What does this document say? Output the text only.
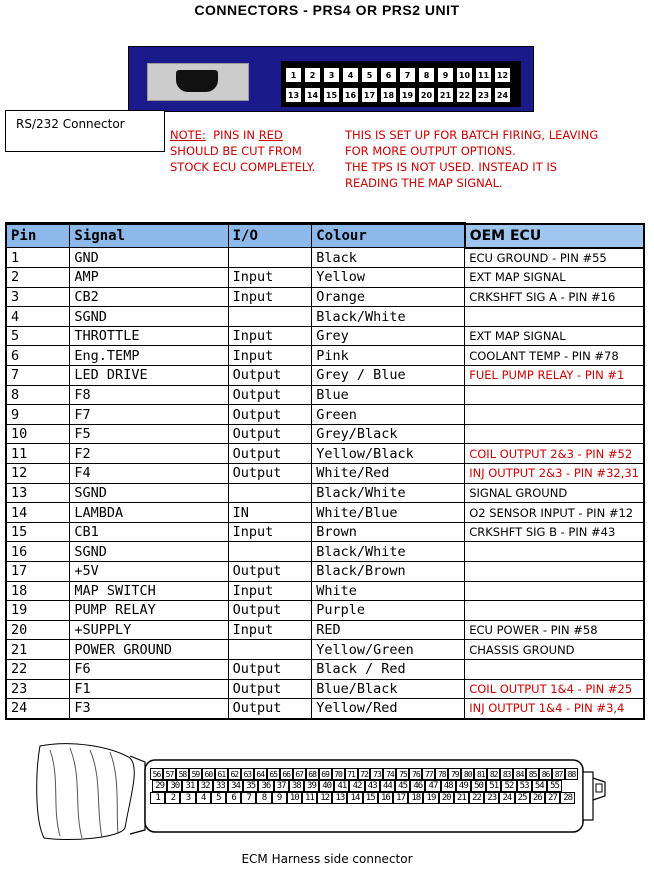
CONNECTORS - PRS4 OR PRS2 UNIT
1	2	3	4	5	6	7	8	9	10 11 12
13 14 15 16 17 18 19 20 21 22 23 24
RS/232 Connector
NOTE: PINS IN RED
SHOULD BE CUT FROM
STOCK ECU COMPLETELY.
THIS IS SET UP FOR BATCH FIRING, LEAVING
FOR MORE OUTPUT OPTIONS.
THE TPS IS NOT USED. INSTEAD IT IS
READING THE MAP SIGNAL.
Pin	Signal	I/O	Colour	OEM ECU
1	GND		Black	ECU GROUND - PIN #55
2	AMP	Input	Yellow	EXT MAP SIGNAL
3	CB2	Input	Orange	CRKSHFT SIG A - PIN #16
4	SGND		Black/White	
5	THROTTLE	Input	Grey	EXT MAP SIGNAL
6	Eng.TEMP	Input	Pink	COOLANT TEMP - PIN #78
7	LED DRIVE	Output	Grey / Blue	FUEL PUMP RELAY - PIN #1
8	F8	Output	Blue	
9	F7	Output	Green	
10	F5	Output	Grey/Black	
11	F2	Output	Yellow/Black	COIL OUTPUT 2&3 - PIN #52
12	F4	Output	White/Red	INJ OUTPUT 2&3 - PIN #32,31
13	SGND		Black/White	SIGNAL GROUND
14	LAMBDA	IN	White/Blue	O2 SENSOR INPUT - PIN #12
15	CB1	Input	Brown	CRKSHFT SIG B - PIN #43
16	SGND		Black/White	
17	+5V	Output	Black/Brown	
18	MAP SWITCH	Input	White	
19	PUMP RELAY	Output	Purple	
20	+SUPPLY	Input	RED	ECU POWER - PIN #58
21	POWER GROUND		Yellow/Green	CHASSIS GROUND
22	F6	Output	Black / Red	
23	F1	Output	Blue/Black	COIL OUTPUT 1&4 - PIN #25
24	F3	Output	Yellow/Red	INJ OUTPUT 1&4 - PIN #3,4
56 57 58 59 60 61 62 63 64 65 66 67 68 69 70 71 72 73 74 75 76 77 78 79 80 81 82 83 84 85 86 87 88
29 30 31 32 33 34 35 36 37 38 39 40 41 42 43 44 45 46 47 48 49 50 51 52 53 54 55
1	2	3	4	5	6	7	8	9 10 11 12 13 14 15 16 17 18 19 20 21 22 23 24 25 26 27 28
ECM Harness side connector
